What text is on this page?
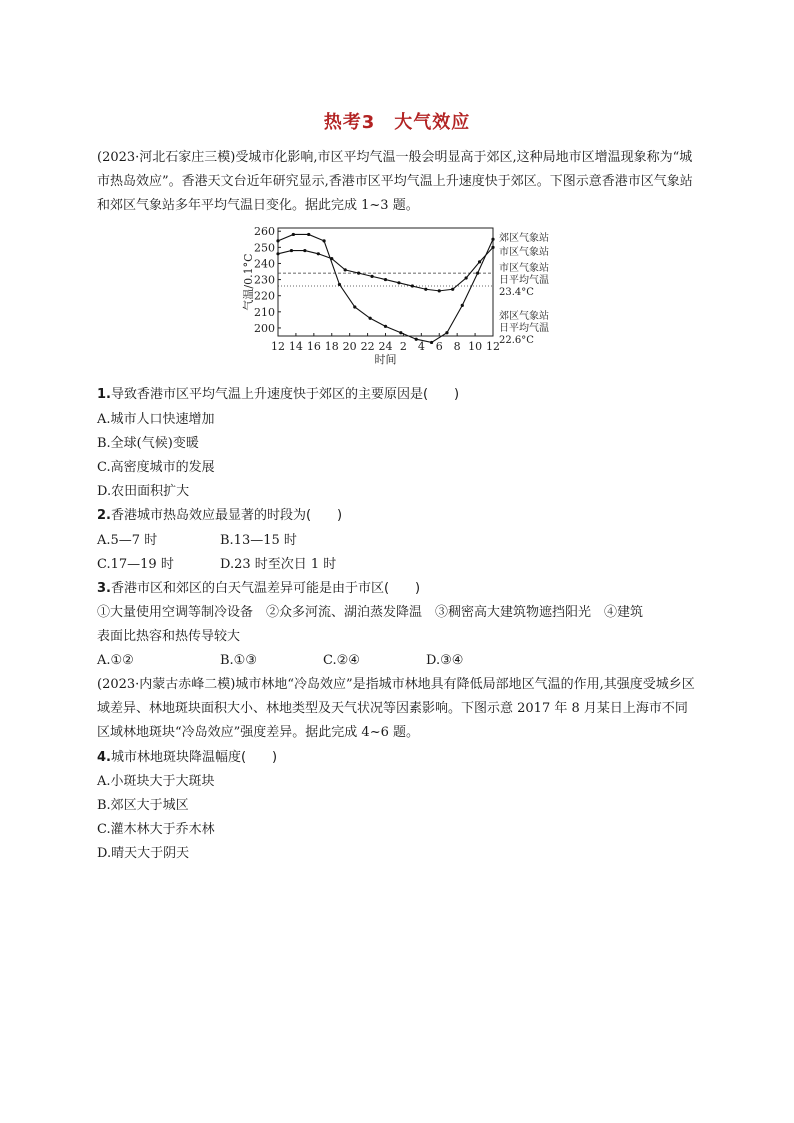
热考3　大气效应
(2023·河北石家庄三模)受城市化影响,市区平均气温一般会明显高于郊区,这种局地市区增温现象称为“城市热岛效应”。香港天文台近年研究显示,香港市区平均气温上升速度快于郊区。下图示意香港市区气象站和郊区气象站多年平均气温日变化。据此完成 1~3 题。
200
210
220
230
240
250
260
12 14 16 18 20 22 24 2 4 6 8 10 12
时间
气温/0.1°C
郊区气象站
市区气象站
市区气象站
日平均气温
23.4°C
郊区气象站
日平均气温
22.6°C
1.导致香港市区平均气温上升速度快于郊区的主要原因是(　　)
A.城市人口快速增加
B.全球(气候)变暖
C.高密度城市的发展
D.农田面积扩大
2.香港城市热岛效应最显著的时段为(　　)
A.5—7 时	B.13—15 时
C.17—19 时	D.23 时至次日 1 时
3.香港市区和郊区的白天气温差异可能是由于市区(　　)
①大量使用空调等制冷设备　②众多河流、湖泊蒸发降温　③稠密高大建筑物遮挡阳光　④建筑
表面比热容和热传导较大
A.①②	B.①③	C.②④	D.③④
(2023·内蒙古赤峰二模)城市林地“冷岛效应”是指城市林地具有降低局部地区气温的作用,其强度受城乡区域差异、林地斑块面积大小、林地类型及天气状况等因素影响。下图示意 2017 年 8 月某日上海市不同区域林地斑块“冷岛效应”强度差异。据此完成 4~6 题。
4.城市林地斑块降温幅度(　　)
A.小斑块大于大斑块
B.郊区大于城区
C.灌木林大于乔木林
D.晴天大于阴天
